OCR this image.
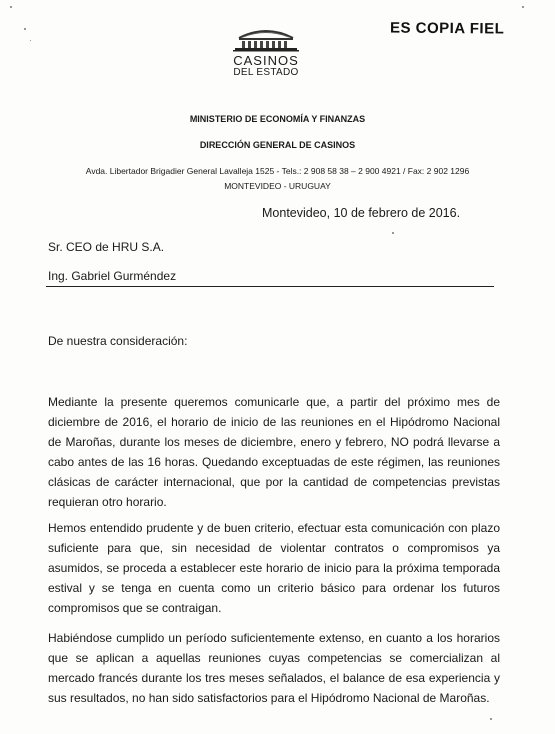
CASINOS
DEL ESTADO
ES COPIA FIEL
MINISTERIO DE ECONOMÍA Y FINANZAS
DIRECCIÓN GENERAL DE CASINOS
Avda. Libertador Brigadier General Lavalleja 1525 - Tels.: 2 908 58 38 – 2 900 4921 / Fax: 2 902 1296
MONTEVIDEO - URUGUAY
Montevideo, 10 de febrero de 2016.
Sr. CEO de HRU S.A.
Ing. Gabriel Gurméndez
De nuestra consideración:

Mediante la presente queremos comunicarle que, a partir del próximo mes de diciembre de 2016, el horario de inicio de las reuniones en el Hipódromo Nacional de Maroñas, durante los meses de diciembre, enero y febrero, NO podrá llevarse a cabo antes de las 16 horas. Quedando exceptuadas de este régimen, las reuniones clásicas de carácter internacional, que por la cantidad de competencias previstas requieran otro horario.

Hemos entendido prudente y de buen criterio, efectuar esta comunicación con plazo suficiente para que, sin necesidad de violentar contratos o compromisos ya asumidos, se proceda a establecer este horario de inicio para la próxima temporada estival y se tenga en cuenta como un criterio básico para ordenar los futuros compromisos que se contraigan.

Habiéndose cumplido un período suficientemente extenso, en cuanto a los horarios que se aplican a aquellas reuniones cuyas competencias se comercializan al mercado francés durante los tres meses señalados, el balance de esa experiencia y sus resultados, no han sido satisfactorios para el Hipódromo Nacional de Maroñas.
